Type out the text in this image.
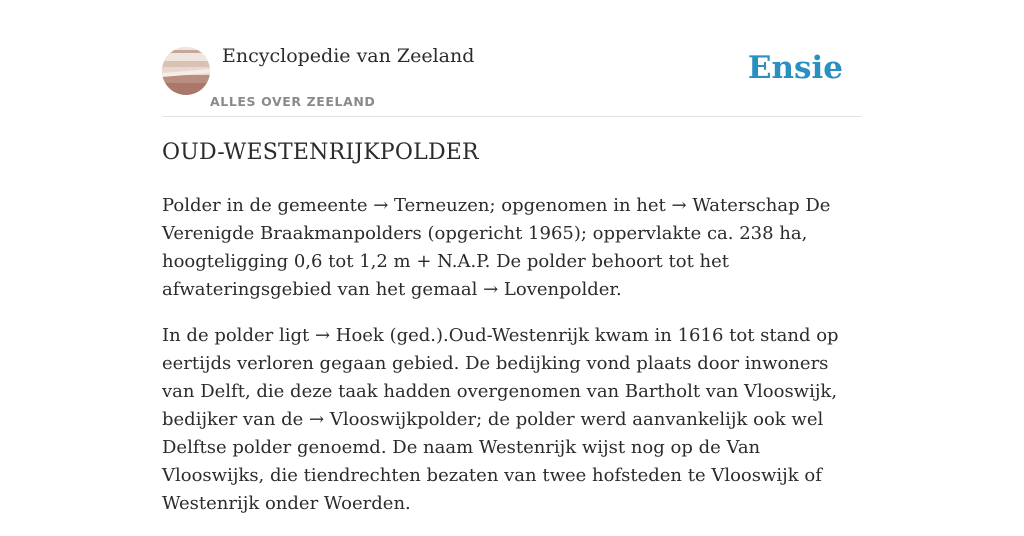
Encyclopedie van Zeeland
ALLES OVER ZEELAND
Ensie
OUD-WESTENRIJKPOLDER

Polder in de gemeente → Terneuzen; opgenomen in het → Waterschap De Verenigde Braakmanpolders (opgericht 1965); oppervlakte ca. 238 ha, hoogteligging 0,6 tot 1,2 m + N.A.P. De polder behoort tot het afwateringsgebied van het gemaal → Lovenpolder.

In de polder ligt → Hoek (ged.).Oud-Westenrijk kwam in 1616 tot stand op eertijds verloren gegaan gebied. De bedijking vond plaats door inwoners van Delft, die deze taak hadden overgenomen van Bartholt van Vlooswijk, bedijker van de → Vlooswijkpolder; de polder werd aanvankelijk ook wel Delftse polder genoemd. De naam Westenrijk wijst nog op de Van Vlooswijks, die tiendrechten bezaten van twee hofsteden te Vlooswijk of Westenrijk onder Woerden.
